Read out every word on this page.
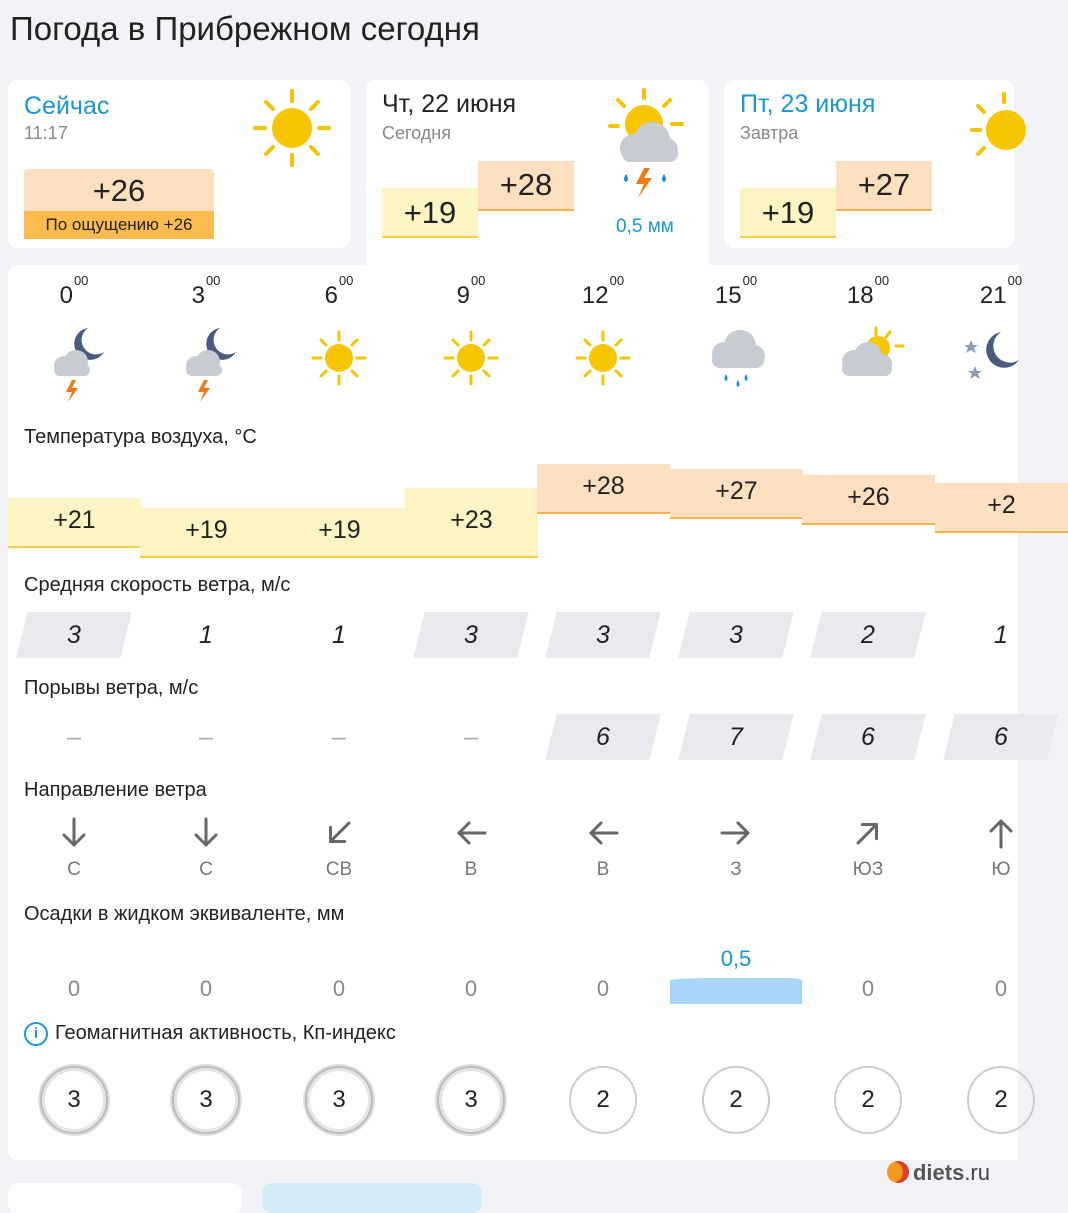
Погода в Прибрежном сегодня
Сейчас
11:17
+26
По ощущению +26
Чт, 22 июня
Сегодня
+19
+28
0,5 мм
Пт, 23 июня
Завтра
+19
+27
$0^{00}$
+21
3
–
С
0
3
$3^{00}$
+19
1
–
С
0
3
$6^{00}$
+19
1
–
СВ
0
3
$9^{00}$
+23
3
–
В
0
3
$12^{00}$
+28
3
6
В
0
2
$15^{00}$
+27
3
7
З
2
$18^{00}$
+26
2
6
ЮЗ
0
2
$21^{00}$
+2
1
6
Ю
0
2
Температура воздуха, °C
Средняя скорость ветра, м/с
Порывы ветра, м/с
Направление ветра
Осадки в жидком эквиваленте, мм
i Геомагнитная активность, Кп-индекс
0,5
diets.ru
